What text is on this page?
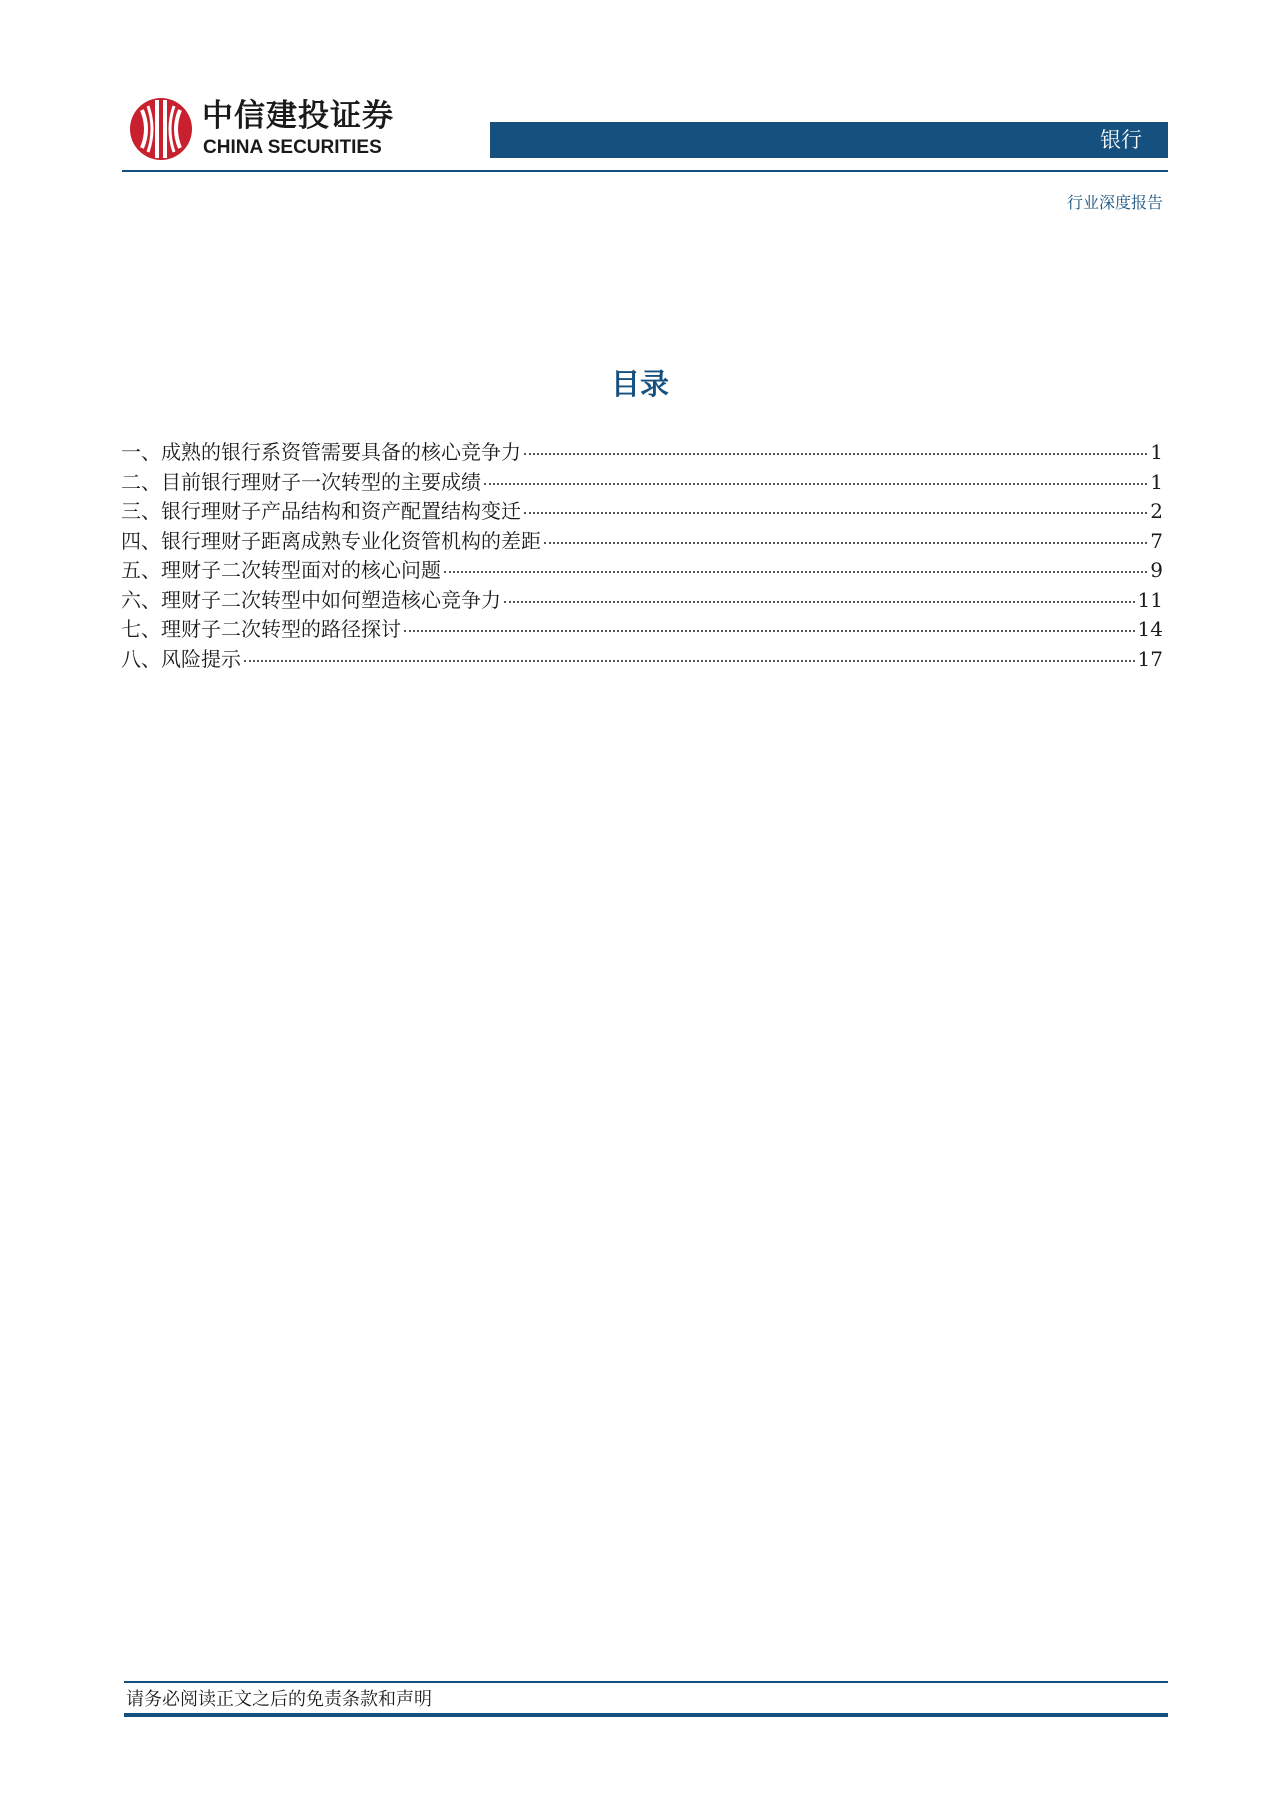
中信建投证券
CHINA SECURITIES	银行
行业深度报告
目录
一、成熟的银行系资管需要具备的核心竞争力	1
二、目前银行理财子一次转型的主要成绩	1
三、银行理财子产品结构和资产配置结构变迁	2
四、银行理财子距离成熟专业化资管机构的差距	7
五、理财子二次转型面对的核心问题	9
六、理财子二次转型中如何塑造核心竞争力	11
七、理财子二次转型的路径探讨	14
八、风险提示	17
请务必阅读正文之后的免责条款和声明
